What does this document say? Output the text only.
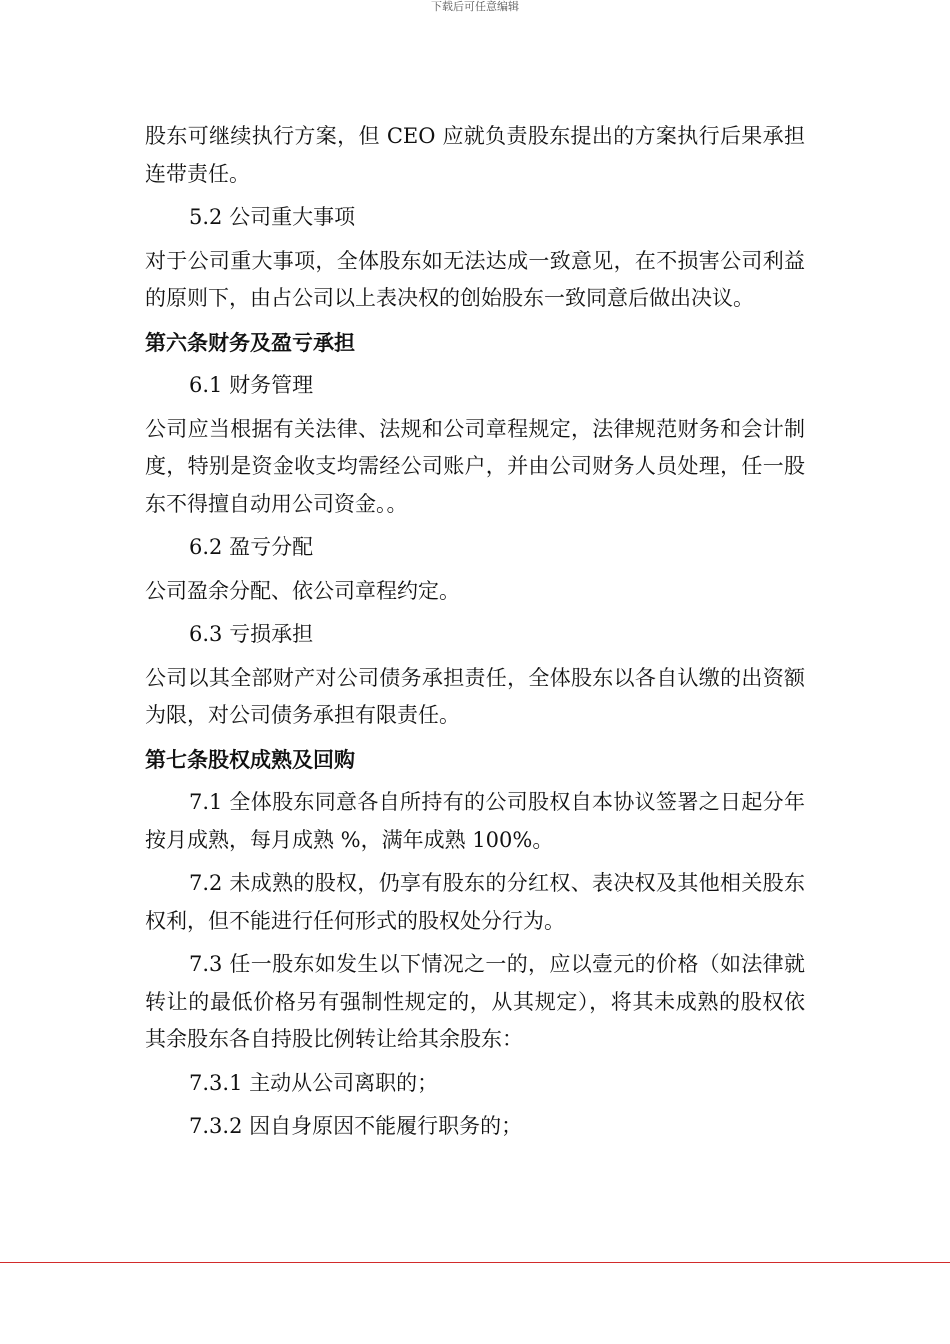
下载后可任意编辑

股东可继续执行方案，但 CEO 应就负责股东提出的方案执行后果承担连带责任。

5.2 公司重大事项

对于公司重大事项，全体股东如无法达成一致意见，在不损害公司利益的原则下，由占公司以上表决权的创始股东一致同意后做出决议。

第六条财务及盈亏承担

6.1 财务管理

公司应当根据有关法律、法规和公司章程规定，法律规范财务和会计制度，特别是资金收支均需经公司账户，并由公司财务人员处理，任一股东不得擅自动用公司资金。。

6.2 盈亏分配

公司盈余分配、依公司章程约定。

6.3 亏损承担

公司以其全部财产对公司债务承担责任，全体股东以各自认缴的出资额为限，对公司债务承担有限责任。

第七条股权成熟及回购

7.1 全体股东同意各自所持有的公司股权自本协议签署之日起分年按月成熟，每月成熟 %，满年成熟 100%。

7.2 未成熟的股权，仍享有股东的分红权、表决权及其他相关股东权利，但不能进行任何形式的股权处分行为。

7.3 任一股东如发生以下情况之一的，应以壹元的价格（如法律就转让的最低价格另有强制性规定的，从其规定），将其未成熟的股权依其余股东各自持股比例转让给其余股东：

7.3.1 主动从公司离职的；

7.3.2 因自身原因不能履行职务的；
